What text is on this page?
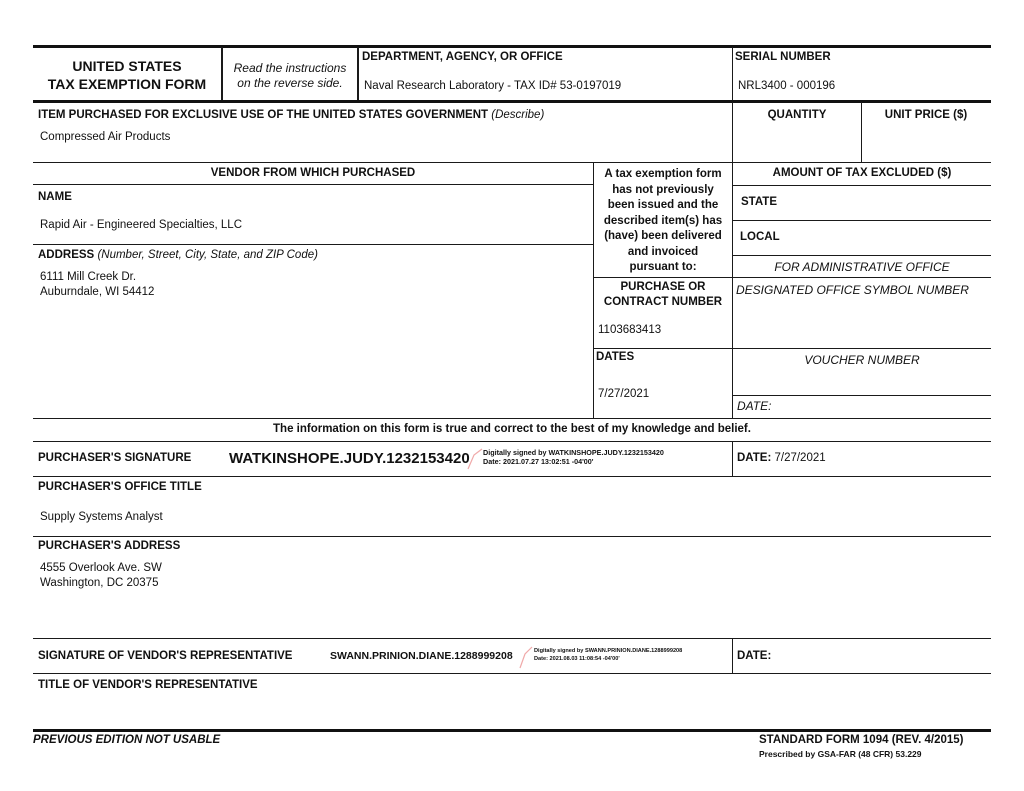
UNITED STATES
TAX EXEMPTION FORM
Read the instructions
on the reverse side.
DEPARTMENT, AGENCY, OR OFFICE
Naval Research Laboratory - TAX ID# 53-0197019
SERIAL NUMBER
NRL3400 - 000196
ITEM PURCHASED FOR EXCLUSIVE USE OF THE UNITED STATES GOVERNMENT (Describe)
Compressed Air Products
QUANTITY	UNIT PRICE ($)
VENDOR FROM WHICH PURCHASED
NAME
Rapid Air - Engineered Specialties, LLC
ADDRESS (Number, Street, City, State, and ZIP Code)
6111 Mill Creek Dr.
Auburndale, WI 54412
A tax exemption form
has not previously
been issued and the
described item(s) has
(have) been delivered
and invoiced
pursuant to:
PURCHASE OR
CONTRACT NUMBER
1103683413
DATES
7/27/2021
AMOUNT OF TAX EXCLUDED ($)
STATE
LOCAL
FOR ADMINISTRATIVE OFFICE
DESIGNATED OFFICE SYMBOL NUMBER
VOUCHER NUMBER
DATE:
The information on this form is true and correct to the best of my knowledge and belief.
PURCHASER'S SIGNATURE	WATKINSHOPE.JUDY.1232153420 Digitally signed by WATKINSHOPE.JUDY.1232153420
Date: 2021.07.27 13:02:51 -04'00'	DATE: 7/27/2021
PURCHASER'S OFFICE TITLE
Supply Systems Analyst
PURCHASER'S ADDRESS
4555 Overlook Ave. SW
Washington, DC 20375
SIGNATURE OF VENDOR'S REPRESENTATIVE	SWANN.PRINION.DIANE.1288999208	Digitally signed by SWANN.PRINION.DIANE.1288999208
Date: 2021.08.03 11:08:54 -04'00'	DATE:
TITLE OF VENDOR'S REPRESENTATIVE
PREVIOUS EDITION NOT USABLE	STANDARD FORM 1094 (REV. 4/2015)
Prescribed by GSA-FAR (48 CFR) 53.229
